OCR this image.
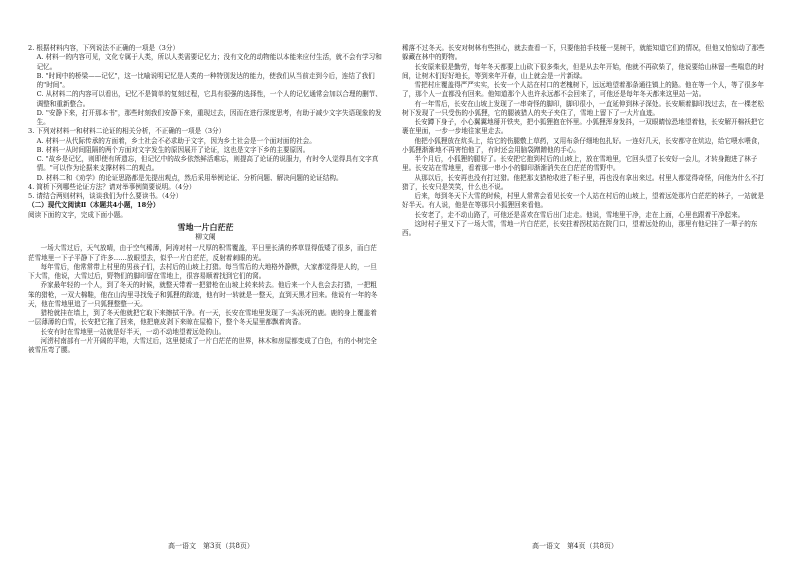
2. 根据材料内容，下列说法不正确的一项是（3分）

A. 材料一的内容可见，文化专属于人类，所以人类需要记忆力；没有文化的动物能以本能来应付生活，就不会有学习和记忆。

B. "时间中的桥梁——记忆"，这一比喻说明记忆是人类的一种特别发达的能力，使我们从当前走到今后，连结了我们的"时间"。

C. 从材料二的内容可以看出，记忆不是简单的复刻过程，它具有很强的选择性，一个人的记忆通常会加以合理的删节、调整和重新整合。

D. "安静下来，打开那本书"，那些时刻我们安静下来，重现过去，因而在进行深度思考，有助于减少文字失语现象的发生。

3. 下列对材料一和材料二论证的相关分析，不正确的一项是（3分）

A. 材料一从代际传承的方面着，乡土社会不必求助于文字，因为乡土社会是一个面对面的社会。

B. 材料一从时间阻隔的两个方面对文字发生的原因展开了论证，这也是文字下乡的主要原因。

C. "故乡是记忆，则即使有所遗忘，但记忆中的故乡依然鲜活难忘，则提高了论证的说服力，有时令人觉得具有文字真情。"可以作为论据来支撑材料二的观点。

D. 材料二和《劝学》的论证思路都是先提出观点，然后采用举例论证、分析问题、解决问题的论证结构。

4. 简析下列哪些论证方法？请对举事例简要说明。（4分）

5. 请结合两则材料，谈谈我们为什么要读书。（4分）

（二）现代文阅读Ⅱ（本题共4小题，18分）

阅读下面的文字，完成下面小题。

雪地一片白茫茫

柳文阑

一场大雪过后，天气放晴，由于空气稀薄，阿涛对村一尺厚的积雪覆盖，平日里长满的荞草显得低矮了很多，而白茫茫雪地里一下子平静下了许多……放眼望去，似乎一片白茫茫，反射着刺眼的光。

每年雪后，他常常带上村里的男孩子们，去村后的山坡上打猎。每当雪后的大地格外静默，大家都觉得是人的，一旦下大雪，他说，大雪过后，野物们的脚印留在雪地上，很容易顺着找到它们的窝。

乔家最年轻的一个人，到了冬天的时候，就整天带着一把猎枪在山坡上转来转去。他后来一个人也会去打猎，一把粗笨的猎枪，一双大棉鞋，他在山沟里寻找兔子和狐狸的踪迹，他有时一转就是一整天，直到天黑才回来。他说有一年的冬天，他在雪地里追了一只狐狸整整一天。

猎枪就挂在墙上，到了冬天他就把它取下来擦拭干净。有一天，长安在雪地里发现了一头冻死的鹿。鹿的身上覆盖着一层薄薄的白雪，长安把它拖了回来，他把鹿皮剥下来晾在屋檐下，整个冬天屋里都飘着肉香。

长安有时在雪地里一站就是好半天，一动不动地望着远处的山。

河涝村南部有一片开阔的平地，大雪过后，这里便成了一片白茫茫的世界，林木和房屋都变成了白色，有的小树完全被雪压弯了腰。

稀落不过冬天。长安对树林有些担心，就去查看一下，只要他拍手枝桠一晃树干，就能知道它们的情况，但他又怕惊动了那些躲藏在林中的野物。

长安原来很是勤劳，每年冬天都要上山砍下很多柴火，但是从去年开始，他就不再砍柴了，他说要给山林留一些喘息的时间，让树木们好好地长，等到来年开春，山上就会是一片新绿。

雪把村庄覆盖得严严实实，长安一个人站在村口的老槐树下，远远地望着那条通往镇上的路。他在等一个人，等了很多年了，那个人一直都没有回来。他知道那个人也许永远都不会回来了，可他还是每年冬天都来这里站一站。

有一年雪后，长安在山坡上发现了一串奇怪的脚印，脚印很小，一直延伸到林子深处。长安顺着脚印找过去，在一棵老松树下发现了一只受伤的小狐狸，它的腿被猎人的夹子夹住了，雪地上留下了一大片血迹。

长安蹲下身子，小心翼翼地掰开铁夹，把小狐狸抱在怀里。小狐狸浑身发抖，一双眼睛惊恐地望着他，长安解开棉袄把它裹在里面，一步一步地往家里走去。

他把小狐狸放在炕头上，给它的伤腿敷上草药，又用布条仔细地包扎好。一连好几天，长安都守在炕边，给它喂水喂食，小狐狸渐渐地不再害怕他了，有时还会用脑袋蹭蹭他的手心。

半个月后，小狐狸的腿好了。长安把它抱到村后的山坡上，放在雪地里，它回头望了长安好一会儿，才转身跑进了林子里。长安站在雪地里，看着那一串小小的脚印渐渐消失在白茫茫的雪野中。

从那以后，长安再也没有打过猎。他把那支猎枪收进了柜子里，再也没有拿出来过。村里人都觉得奇怪，问他为什么不打猎了，长安只是笑笑，什么也不说。

后来，每到冬天下大雪的时候，村里人常常会看见长安一个人站在村后的山坡上，望着远处那片白茫茫的林子，一站就是好半天。有人说，他是在等那只小狐狸回来看他。

长安老了，走不动山路了，可他还是喜欢在雪后出门走走。他说，雪地里干净，走在上面，心里也跟着干净起来。

这时村子里又下了一场大雪，雪地一片白茫茫，长安拄着拐杖站在院门口，望着远处的山，那里有他记挂了一辈子的东西。

高一语文　第3页（共8页）	高一语文　第4页（共8页）
